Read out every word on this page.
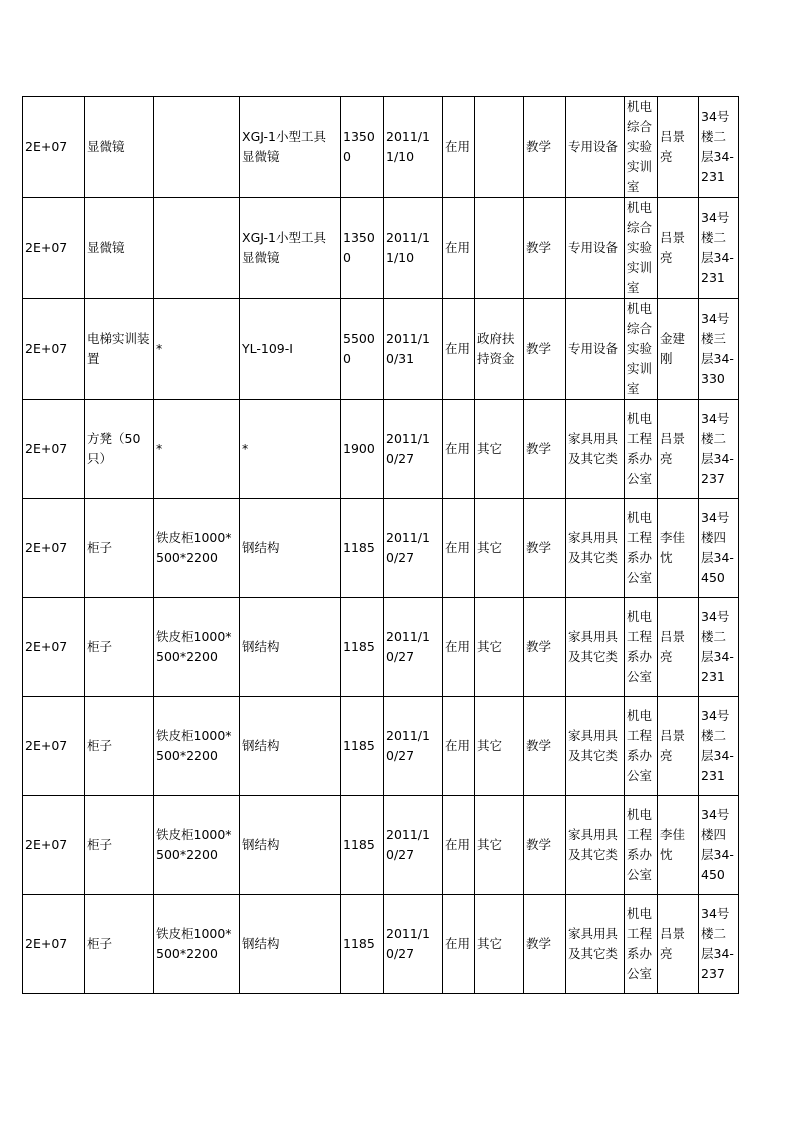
2E+07	显微镜		XGJ-1小型工具显微镜	13500	2011/11/10	在用		教学	专用设备	机电综合实验实训室	吕景亮	34号楼二层34-231
2E+07	显微镜		XGJ-1小型工具显微镜	13500	2011/11/10	在用		教学	专用设备	机电综合实验实训室	吕景亮	34号楼二层34-231
2E+07	电梯实训装置	*	YL-109-I	55000	2011/10/31	在用	政府扶持资金	教学	专用设备	机电综合实验实训室	金建刚	34号楼三层34-330
2E+07	方凳（50只）	*	*	1900	2011/10/27	在用	其它	教学	家具用具及其它类	机电工程系办公室	吕景亮	34号楼二层34-237
2E+07	柜子	铁皮柜1000*500*2200	钢结构	1185	2011/10/27	在用	其它	教学	家具用具及其它类	机电工程系办公室	李佳忱	34号楼四层34-450
2E+07	柜子	铁皮柜1000*500*2200	钢结构	1185	2011/10/27	在用	其它	教学	家具用具及其它类	机电工程系办公室	吕景亮	34号楼二层34-231
2E+07	柜子	铁皮柜1000*500*2200	钢结构	1185	2011/10/27	在用	其它	教学	家具用具及其它类	机电工程系办公室	吕景亮	34号楼二层34-231
2E+07	柜子	铁皮柜1000*500*2200	钢结构	1185	2011/10/27	在用	其它	教学	家具用具及其它类	机电工程系办公室	李佳忱	34号楼四层34-450
2E+07	柜子	铁皮柜1000*500*2200	钢结构	1185	2011/10/27	在用	其它	教学	家具用具及其它类	机电工程系办公室	吕景亮	34号楼二层34-237
